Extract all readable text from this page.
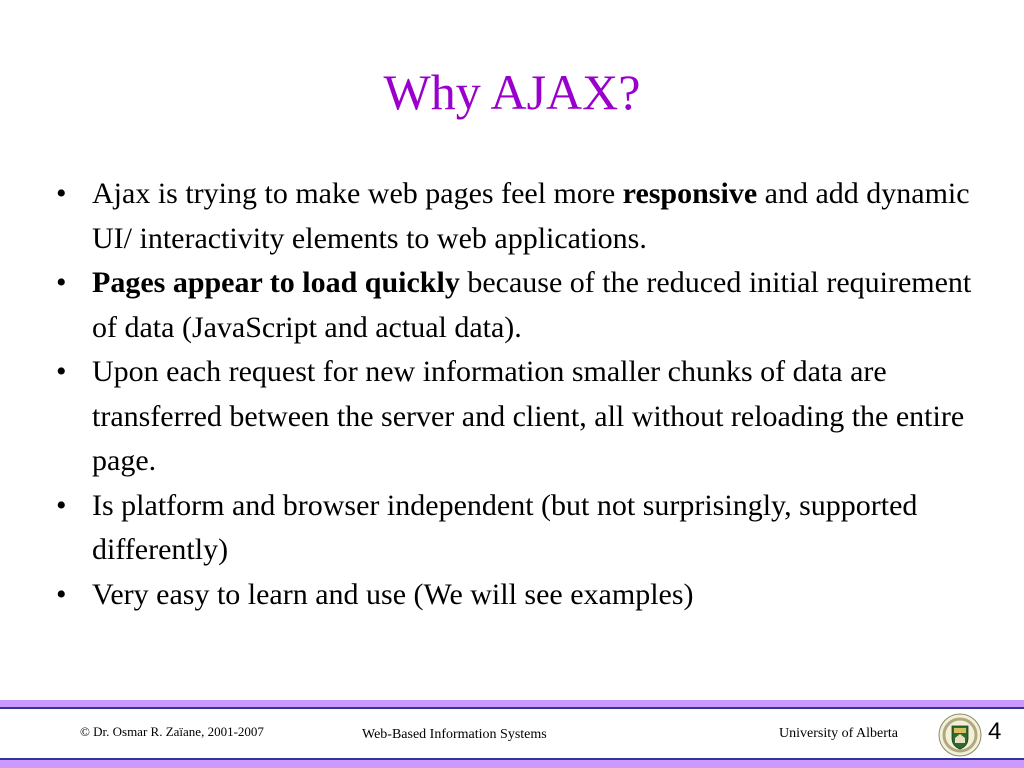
Why AJAX?
• Ajax is trying to make web pages feel more responsive and add dynamic UI/ interactivity elements to web applications.
• Pages appear to load quickly because of the reduced initial requirement of data (JavaScript and actual data).
• Upon each request for new information smaller chunks of data are transferred between the server and client, all without reloading the entire page.
• Is platform and browser independent (but not surprisingly, supported differently)
• Very easy to learn and use (We will see examples)
© Dr. Osmar R. Zaïane, 2001-2007	Web-Based Information Systems	University of Alberta	4
